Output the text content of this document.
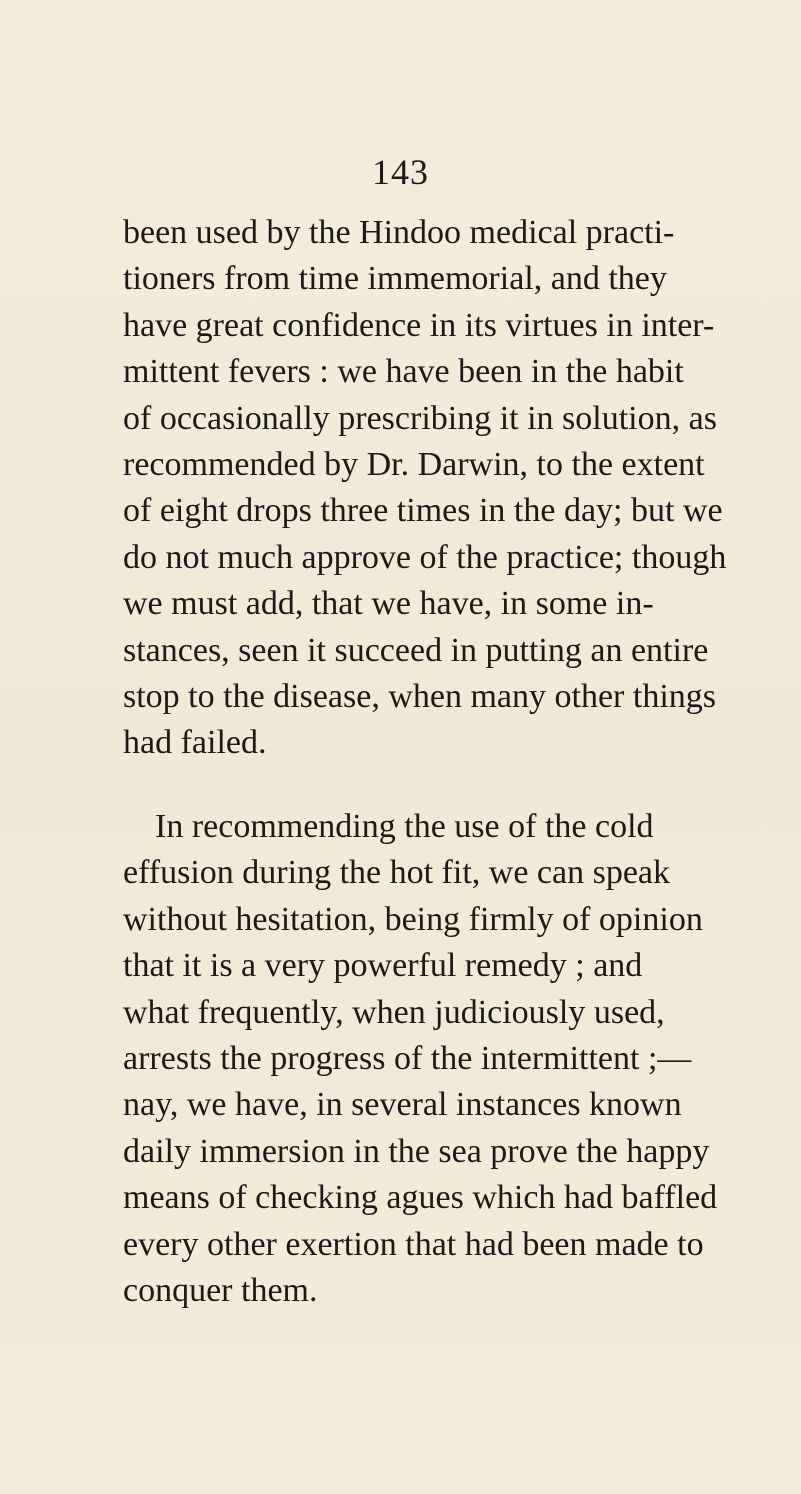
143

been used by the Hindoo medical practi-
tioners from time immemorial, and they
have great confidence in its virtues in inter-
mittent fevers : we have been in the habit
of occasionally prescribing it in solution, as
recommended by Dr. Darwin, to the extent
of eight drops three times in the day; but we
do not much approve of the practice; though
we must add, that we have, in some in-
stances, seen it succeed in putting an entire
stop to the disease, when many other things
had failed.

In recommending the use of the cold
effusion during the hot fit, we can speak
without hesitation, being firmly of opinion
that it is a very powerful remedy ; and
what frequently, when judiciously used,
arrests the progress of the intermittent ;—
nay, we have, in several instances known
daily immersion in the sea prove the happy
means of checking agues which had baffled
every other exertion that had been made to
conquer them.
